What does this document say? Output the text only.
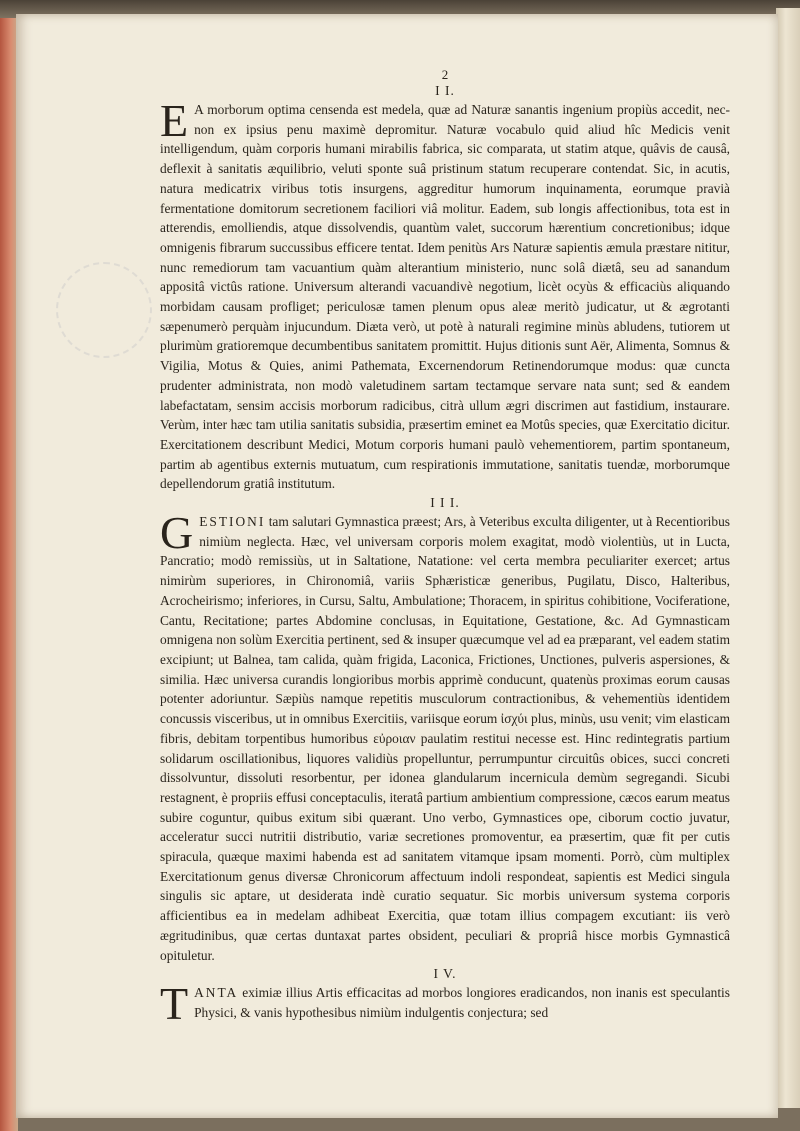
2
I I.

E A morborum optima censenda est medela, quæ ad Naturæ sanantis ingenium propiùs accedit, nec-non ex ipsius penu maximè depromitur. Naturæ vocabulo quid aliud hîc Medicis venit intelligendum, quàm corporis humani mirabilis fabrica, sic comparata, ut statim atque, quâvis de causâ, deflexit à sanitatis æquilibrio, veluti sponte suâ pristinum statum recuperare contendat. Sic, in acutis, natura medicatrix viribus totis insurgens, aggreditur humorum inquinamenta, eorumque pravià fermentatione domitorum secretionem faciliori viâ molitur. Eadem, sub longis affectionibus, tota est in atterendis, emolliendis, atque dissolvendis, quantùm valet, succorum hærentium concretionibus; idque omnigenis fibrarum succussibus efficere tentat. Idem penitùs Ars Naturæ sapientis æmula præstare nititur, nunc remediorum tam vacuantium quàm alterantium ministerio, nunc solâ diætâ, seu ad sanandum appositâ victûs ratione. Universum alterandi vacuandivè negotium, licèt ocyùs & efficaciùs aliquando morbidam causam profliget; periculosæ tamen plenum opus aleæ meritò judicatur, ut & ægrotanti sæpenumerò perquàm injucundum. Diæta verò, ut potè à naturali regimine minùs abludens, tutiorem ut plurimùm gratioremque decumbentibus sanitatem promittit. Hujus ditionis sunt Aër, Alimenta, Somnus & Vigilia, Motus & Quies, animi Pathemata, Excernendorum Retinendorumque modus: quæ cuncta prudenter administrata, non modò valetudinem sartam tectamque servare nata sunt; sed & eandem labefactatam, sensim accisis morborum radicibus, citrà ullum ægri discrimen aut fastidium, instaurare. Verùm, inter hæc tam utilia sanitatis subsidia, præsertim eminet ea Motûs species, quæ Exercitatio dicitur. Exercitationem describunt Medici, Motum corporis humani paulò vehementiorem, partim spontaneum, partim ab agentibus externis mutuatum, cum respirationis immutatione, sanitatis tuendæ, morborumque depellendorum gratiâ institutum.

I I I.

GESTIONI tam salutari Gymnastica præest; Ars, à Veteribus exculta diligenter, ut à Recentioribus nimiùm neglecta. Hæc, vel universam corporis molem exagitat, modò violentiùs, ut in Lucta, Pancratio; modò remissiùs, ut in Saltatione, Natatione: vel certa membra peculiariter exercet; artus nimirùm superiores, in Chironomiâ, variis Sphæristicæ generibus, Pugilatu, Disco, Halteribus, Acrocheirismo; inferiores, in Cursu, Saltu, Ambulatione; Thoracem, in spiritus cohibitione, Vociferatione, Cantu, Recitatione; partes Abdomine conclusas, in Equitatione, Gestatione, &c. Ad Gymnasticam omnigena non solùm Exercitia pertinent, sed & insuper quæcumque vel ad ea præparant, vel eadem statim excipiunt; ut Balnea, tam calida, quàm frigida, Laconica, Frictiones, Unctiones, pulveris aspersiones, & similia. Hæc universa curandis longioribus morbis apprimè conducunt, quatenùs proximas eorum causas potenter adoriuntur. Sæpiùs namque repetitis musculorum contractionibus, & vehementiùs identidem concussis visceribus, ut in omnibus Exercitiis, variisque eorum ἰσχύι plus, minùs, usu venit; vim elasticam fibris, debitam torpentibus humoribus εὐροιαν paulatim restitui necesse est. Hinc redintegratis partium solidarum oscillationibus, liquores validiùs propelluntur, perrumpuntur circuitûs obices, succi concreti dissolvuntur, dissoluti resorbentur, per idonea glandularum incernicula demùm segregandi. Sicubi restagnent, è propriis effusi conceptaculis, iteratâ partium ambientium compressione, cæcos earum meatus subire coguntur, quibus exitum sibi quærant. Uno verbo, Gymnastices ope, ciborum coctio juvatur, acceleratur succi nutritii distributio, variæ secretiones promoventur, ea præsertim, quæ fit per cutis spiracula, quæque maximi habenda est ad sanitatem vitamque ipsam momenti. Porrò, cùm multiplex Exercitationum genus diversæ Chronicorum affectuum indoli respondeat, sapientis est Medici singula singulis sic aptare, ut desiderata indè curatio sequatur. Sic morbis universum systema corporis afficientibus ea in medelam adhibeat Exercitia, quæ totam illius compagem excutiant: iis verò ægritudinibus, quæ certas duntaxat partes obsident, peculiari & propriâ hisce morbis Gymnasticâ opituletur.

I V.

TANTA eximiæ illius Artis efficacitas ad morbos longiores eradicandos, non inanis est speculantis Physici, & vanis hypothesibus nimiùm indulgentis conjectura; sed
